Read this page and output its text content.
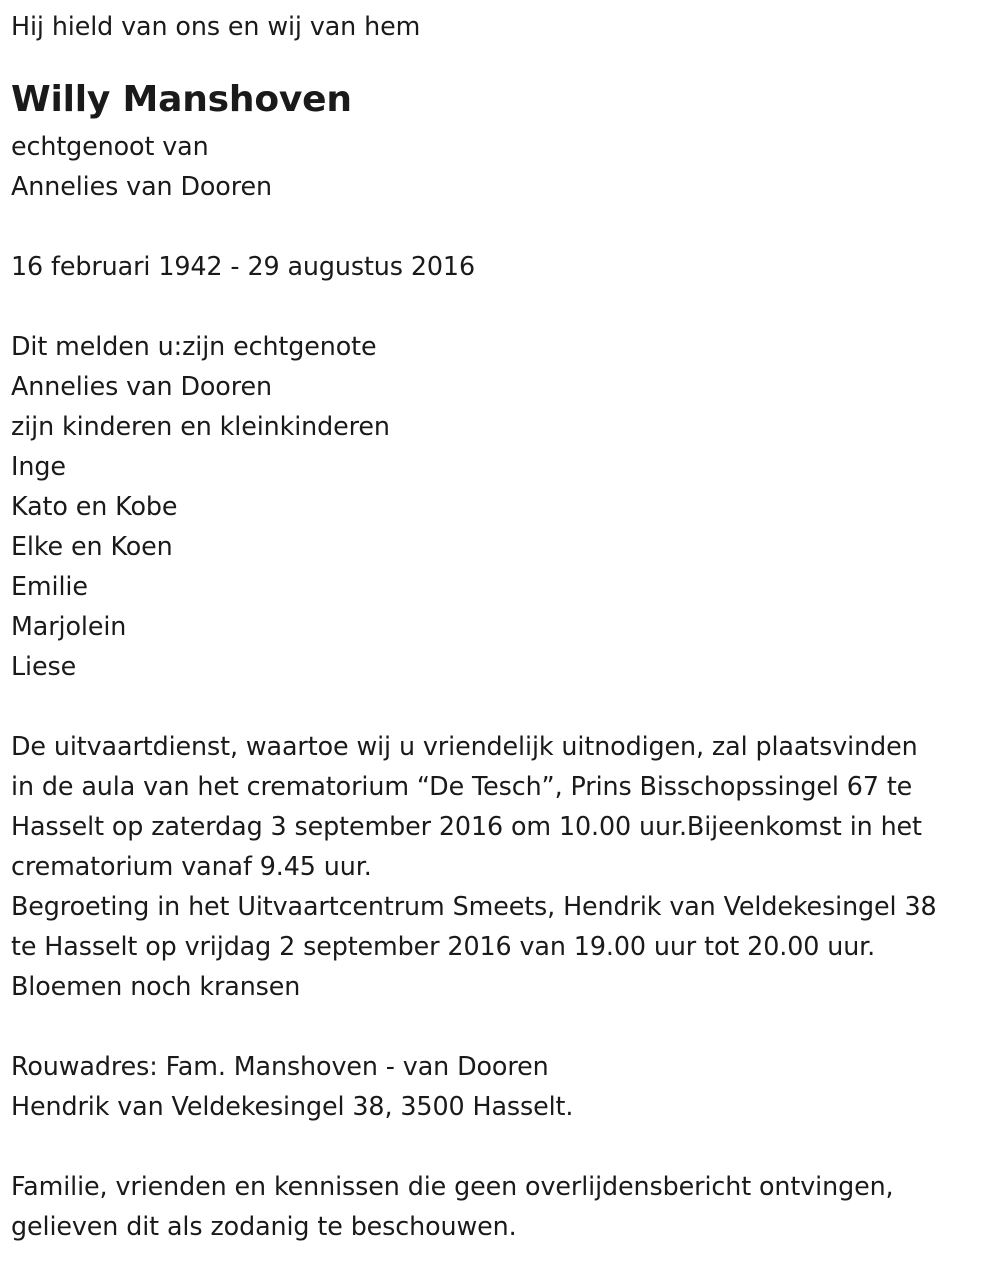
Hij hield van ons en wij van hem

Willy Manshoven

echtgenoot van

Annelies van Dooren

16 februari 1942 - 29 augustus 2016

Dit melden u:zijn echtgenote

Annelies van Dooren

zijn kinderen en kleinkinderen

Inge

Kato en Kobe

Elke en Koen

Emilie

Marjolein

Liese

De uitvaartdienst, waartoe wij u vriendelijk uitnodigen, zal plaatsvinden

in de aula van het crematorium “De Tesch”, Prins Bisschopssingel 67 te

Hasselt op zaterdag 3 september 2016 om 10.00 uur.Bijeenkomst in het

crematorium vanaf 9.45 uur.

Begroeting in het Uitvaartcentrum Smeets, Hendrik van Veldekesingel 38

te Hasselt op vrijdag 2 september 2016 van 19.00 uur tot 20.00 uur.

Bloemen noch kransen

Rouwadres: Fam. Manshoven - van Dooren

Hendrik van Veldekesingel 38, 3500 Hasselt.

Familie, vrienden en kennissen die geen overlijdensbericht ontvingen,

gelieven dit als zodanig te beschouwen.
